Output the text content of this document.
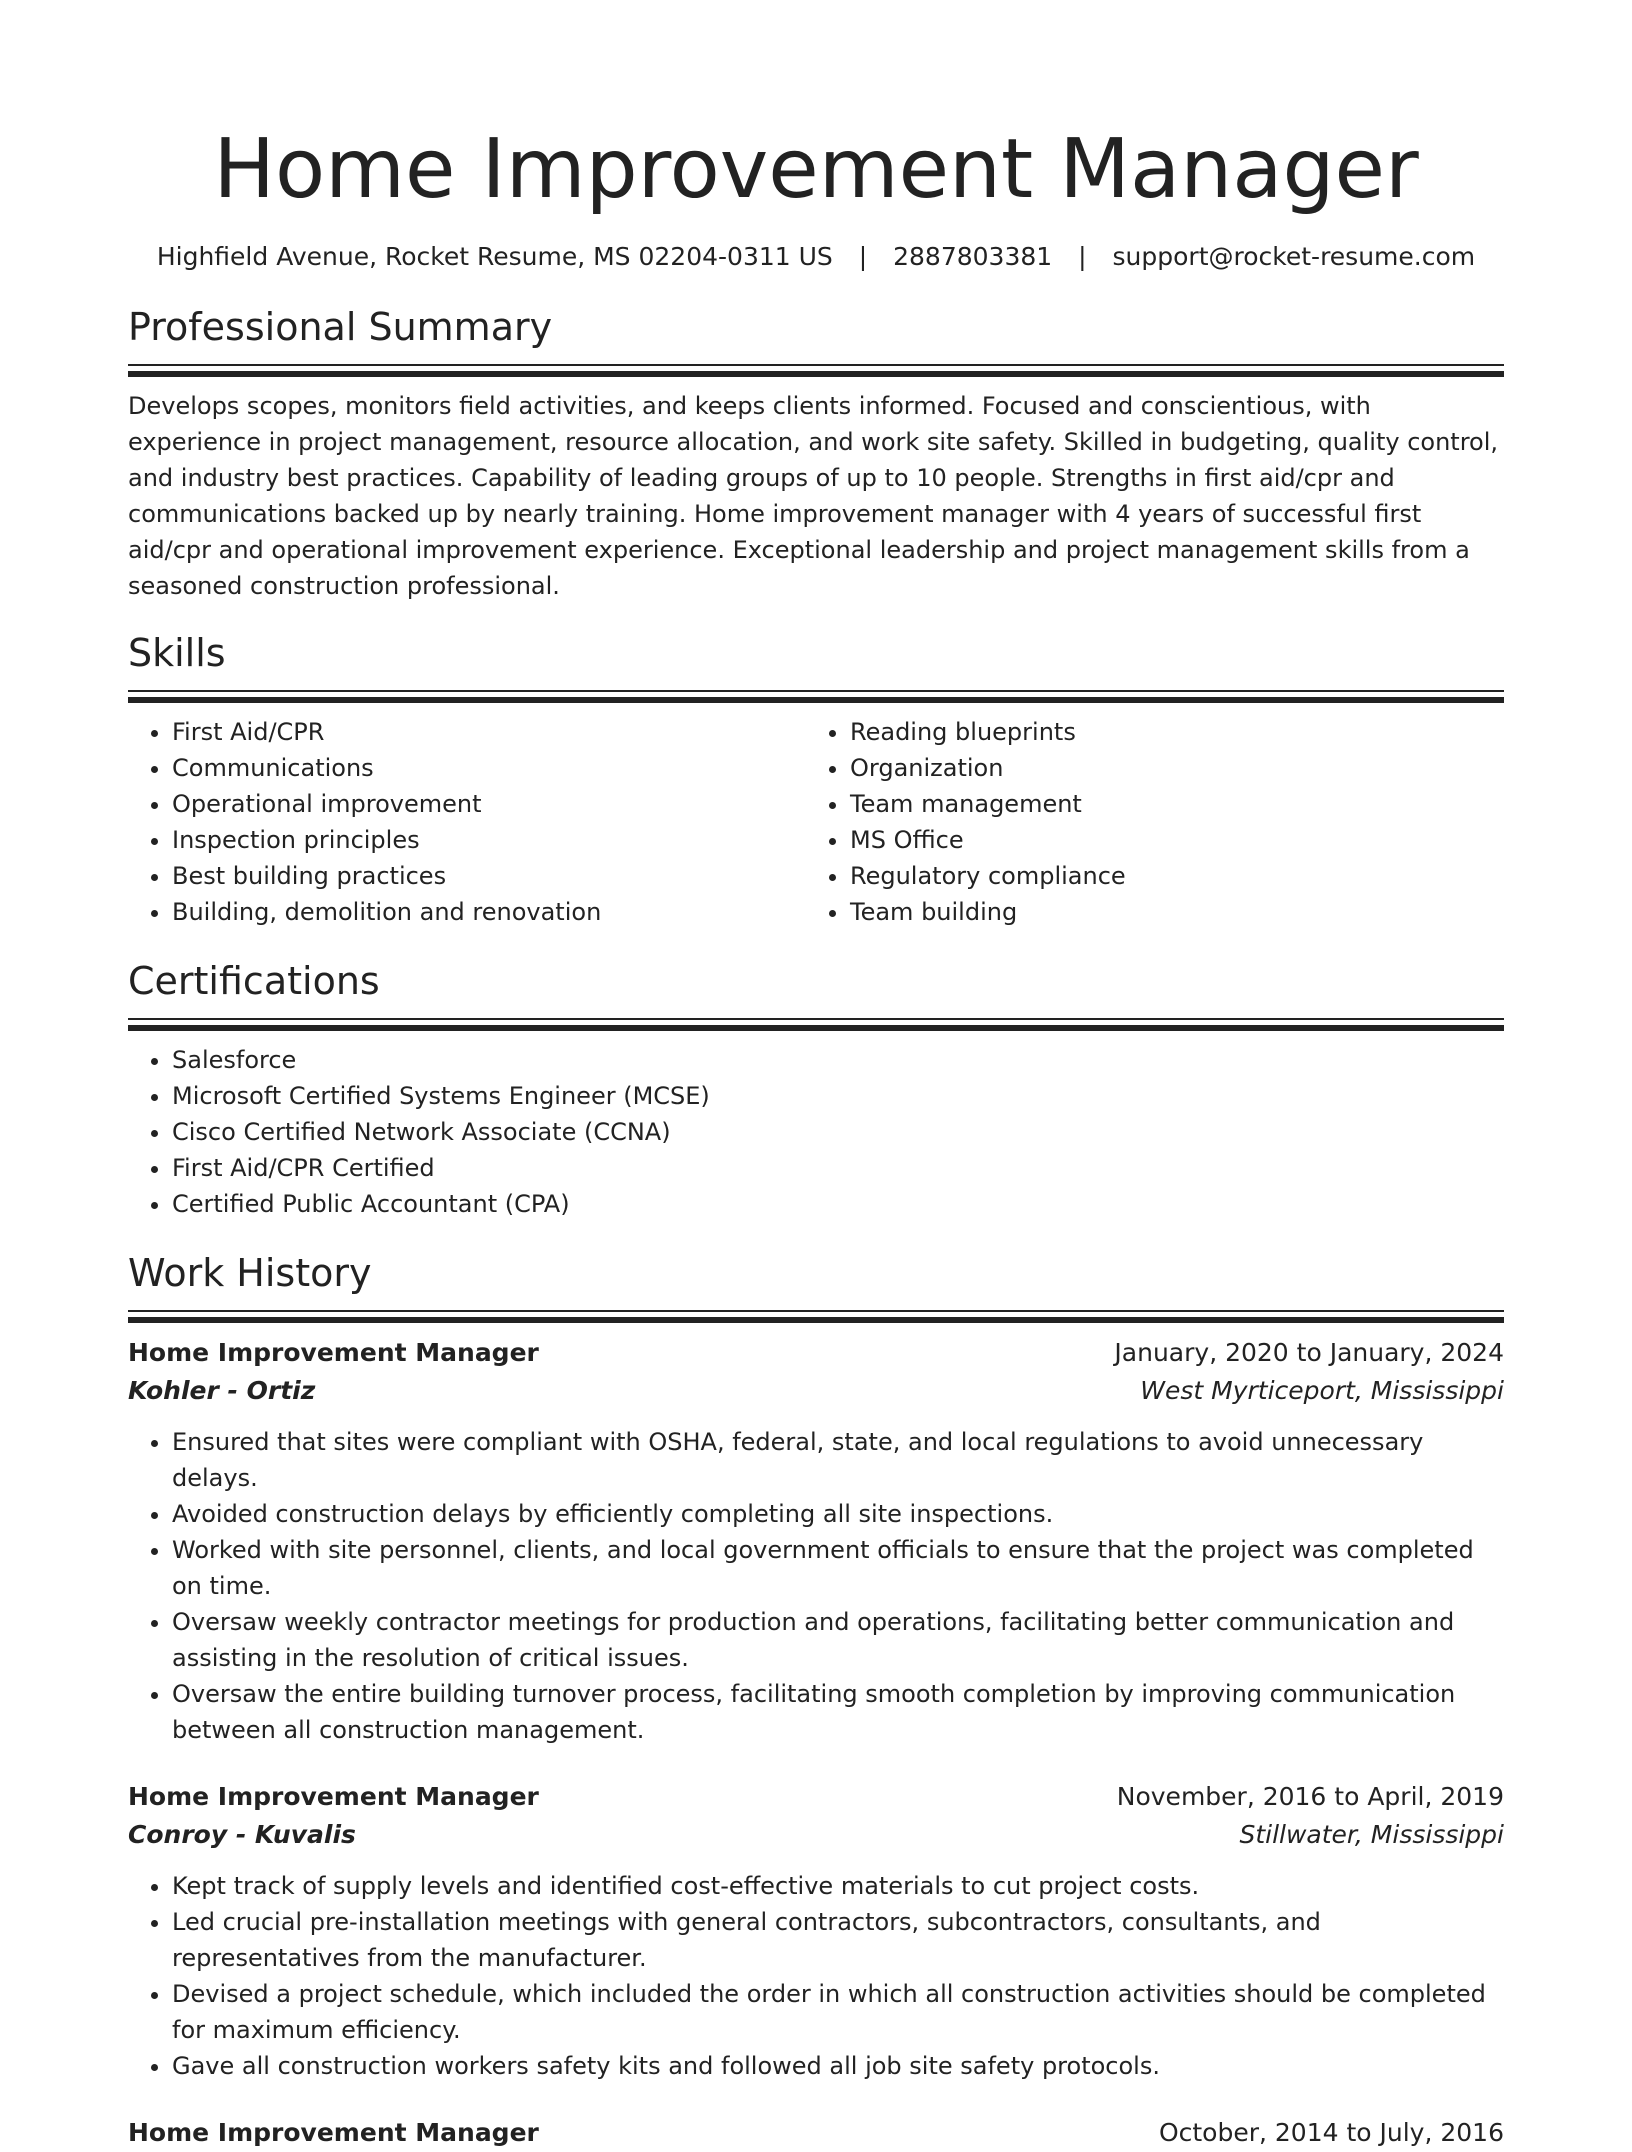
Home Improvement Manager
Highfield Avenue, Rocket Resume, MS 02204-0311 US | 2887803381 | support@rocket-resume.com
Professional Summary
Develops scopes, monitors field activities, and keeps clients informed. Focused and conscientious, with experience in project management, resource allocation, and work site safety. Skilled in budgeting, quality control, and industry best practices. Capability of leading groups of up to 10 people. Strengths in first aid/cpr and communications backed up by nearly training. Home improvement manager with 4 years of successful first aid/cpr and operational improvement experience. Exceptional leadership and project management skills from a seasoned construction professional.
Skills
• First Aid/CPR
• Communications
• Operational improvement
• Inspection principles
• Best building practices
• Building, demolition and renovation
• Reading blueprints
• Organization
• Team management
• MS Office
• Regulatory compliance
• Team building
Certifications
• Salesforce
• Microsoft Certified Systems Engineer (MCSE)
• Cisco Certified Network Associate (CCNA)
• First Aid/CPR Certified
• Certified Public Accountant (CPA)
Work History
Home Improvement Manager	January, 2020 to January, 2024
Kohler - Ortiz	West Myrticeport, Mississippi
• Ensured that sites were compliant with OSHA, federal, state, and local regulations to avoid unnecessary delays.
• Avoided construction delays by efficiently completing all site inspections.
• Worked with site personnel, clients, and local government officials to ensure that the project was completed on time.
• Oversaw weekly contractor meetings for production and operations, facilitating better communication and assisting in the resolution of critical issues.
• Oversaw the entire building turnover process, facilitating smooth completion by improving communication between all construction management.
Home Improvement Manager	November, 2016 to April, 2019
Conroy - Kuvalis	Stillwater, Mississippi
• Kept track of supply levels and identified cost-effective materials to cut project costs.
• Led crucial pre-installation meetings with general contractors, subcontractors, consultants, and representatives from the manufacturer.
• Devised a project schedule, which included the order in which all construction activities should be completed for maximum efficiency.
• Gave all construction workers safety kits and followed all job site safety protocols.
Home Improvement Manager	October, 2014 to July, 2016
